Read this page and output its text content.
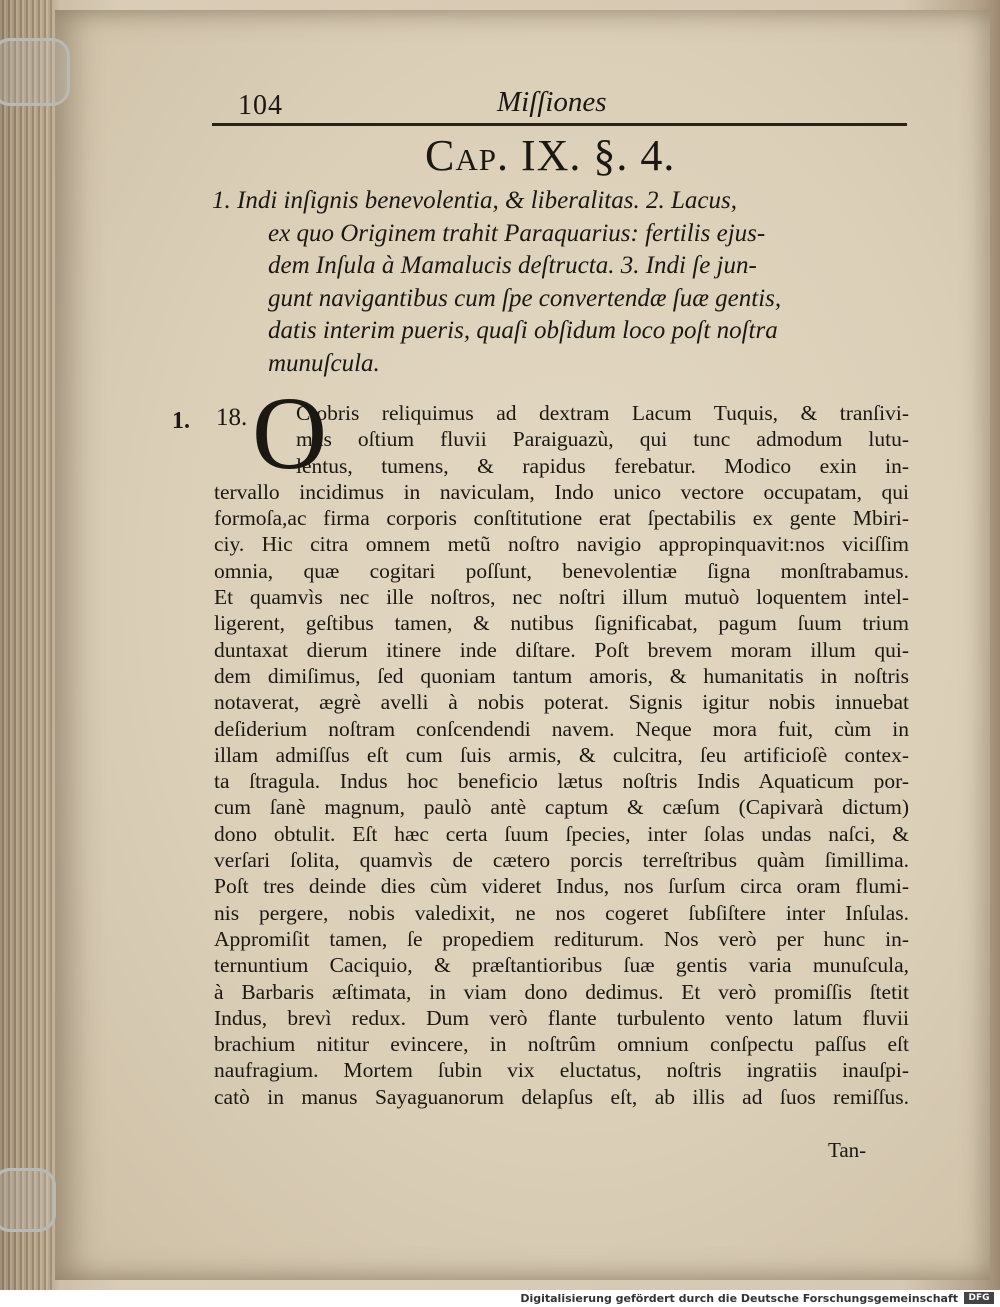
104	Miſſiones
Cap. IX. §. 4.
1. Indi inſignis benevolentia, & liberalitas. 2. Lacus,
ex quo Originem trahit Paraquarius: fertilis ejus-
dem Inſula à Mamalucis deſtructa. 3. Indi ſe jun-
gunt navigantibus cum ſpe convertendæ ſuæ gentis,
datis interim pueris, quaſi obſidum loco poſt noſtra
munuſcula.
1. 18. O
Ctobris reliquimus ad dextram Lacum Tuquis, & tranſivi-
mus oſtium fluvii Paraiguazù, qui tunc admodum lutu-
lentus, tumens, & rapidus ferebatur. Modico exin in-
tervallo incidimus in naviculam, Indo unico vectore occupatam, qui
formoſa,ac firma corporis conſtitutione erat ſpectabilis ex gente Mbiri-
ciy. Hic citra omnem metũ noſtro navigio appropinquavit:nos viciſſim
omnia, quæ cogitari poſſunt, benevolentiæ ſigna monſtrabamus.
Et quamvìs nec ille noſtros, nec noſtri illum mutuò loquentem intel-
ligerent, geſtibus tamen, & nutibus ſignificabat, pagum ſuum trium
duntaxat dierum itinere inde diſtare. Poſt brevem moram illum qui-
dem dimiſimus, ſed quoniam tantum amoris, & humanitatis in noſtris
notaverat, ægrè avelli à nobis poterat. Signis igitur nobis innuebat
deſiderium noſtram conſcendendi navem. Neque mora fuit, cùm in
illam admiſſus eſt cum ſuis armis, & culcitra, ſeu artificioſè contex-
ta ſtragula. Indus hoc beneficio lætus noſtris Indis Aquaticum por-
cum ſanè magnum, paulò antè captum & cæſum (Capivarà dictum)
dono obtulit. Eſt hæc certa ſuum ſpecies, inter ſolas undas naſci, &
verſari ſolita, quamvìs de cætero porcis terreſtribus quàm ſimillima.
Poſt tres deinde dies cùm videret Indus, nos ſurſum circa oram flumi-
nis pergere, nobis valedixit, ne nos cogeret ſubſiſtere inter Inſulas.
Appromiſit tamen, ſe propediem rediturum. Nos verò per hunc in-
ternuntium Caciquio, & præſtantioribus ſuæ gentis varia munuſcula,
à Barbaris æſtimata, in viam dono dedimus. Et verò promiſſis ſtetit
Indus, brevì redux. Dum verò flante turbulento vento latum fluvii
brachium nititur evincere, in noſtrûm omnium conſpectu paſſus eſt
naufragium. Mortem ſubin vix eluctatus, noſtris ingratiis inauſpi-
catò in manus Sayaguanorum delapſus eſt, ab illis ad ſuos remiſſus.
Tan-
Digitalisierung gefördert durch die Deutsche Forschungsgemeinschaft	DFG
